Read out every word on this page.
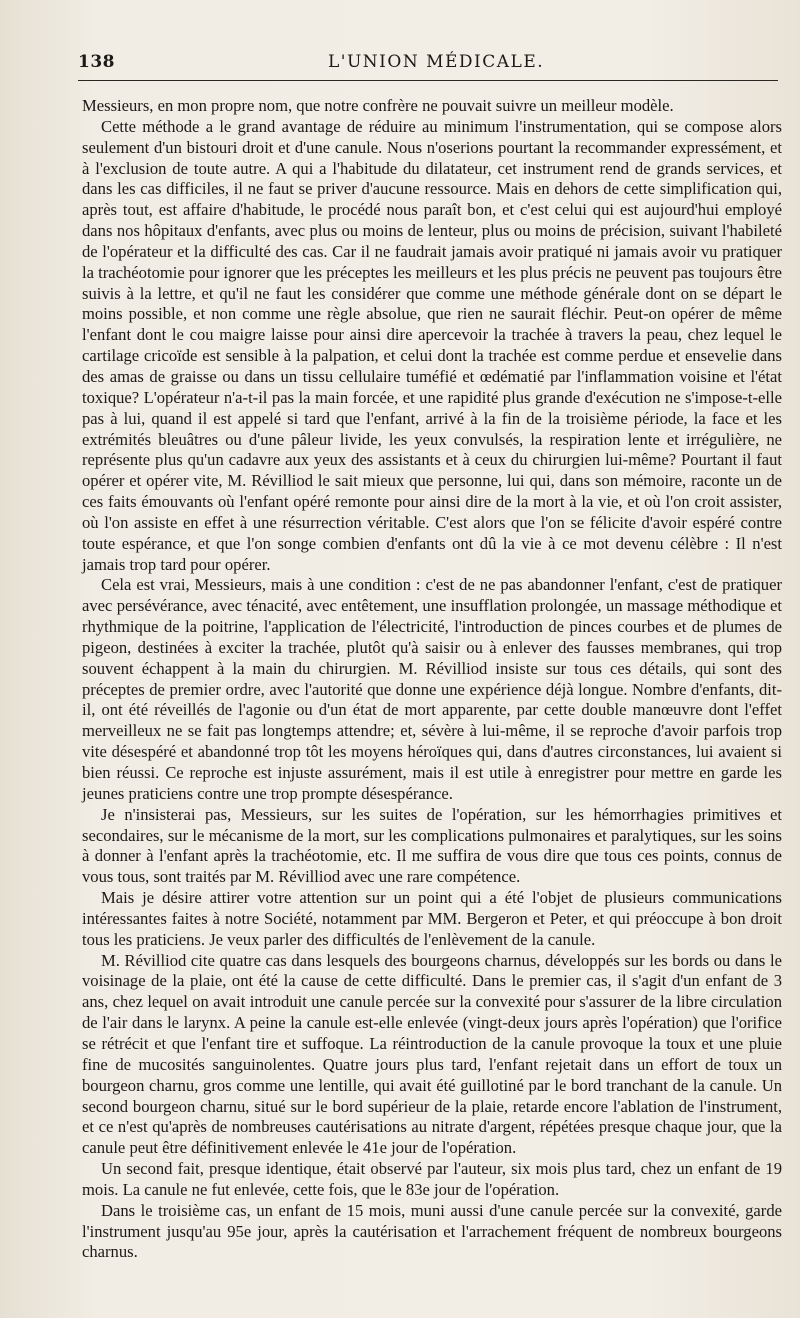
138	L'UNION MÉDICALE.

Messieurs, en mon propre nom, que notre confrère ne pouvait suivre un meilleur modèle.

Cette méthode a le grand avantage de réduire au minimum l'instrumentation, qui se compose alors seulement d'un bistouri droit et d'une canule. Nous n'oserions pourtant la recommander expressément, et à l'exclusion de toute autre. A qui a l'habitude du dilatateur, cet instrument rend de grands services, et dans les cas difficiles, il ne faut se priver d'aucune ressource. Mais en dehors de cette simplification qui, après tout, est affaire d'habitude, le procédé nous paraît bon, et c'est celui qui est aujourd'hui employé dans nos hôpitaux d'enfants, avec plus ou moins de lenteur, plus ou moins de précision, suivant l'habileté de l'opérateur et la difficulté des cas. Car il ne faudrait jamais avoir pratiqué ni jamais avoir vu pratiquer la trachéotomie pour ignorer que les préceptes les meilleurs et les plus précis ne peuvent pas toujours être suivis à la lettre, et qu'il ne faut les considérer que comme une méthode générale dont on se départ le moins possible, et non comme une règle absolue, que rien ne saurait fléchir. Peut-on opérer de même l'enfant dont le cou maigre laisse pour ainsi dire apercevoir la trachée à travers la peau, chez lequel le cartilage cricoïde est sensible à la palpation, et celui dont la trachée est comme perdue et ensevelie dans des amas de graisse ou dans un tissu cellulaire tuméfié et œdématié par l'inflammation voisine et l'état toxique? L'opérateur n'a-t-il pas la main forcée, et une rapidité plus grande d'exécution ne s'impose-t-elle pas à lui, quand il est appelé si tard que l'enfant, arrivé à la fin de la troisième période, la face et les extrémités bleuâtres ou d'une pâleur livide, les yeux convulsés, la respiration lente et irrégulière, ne représente plus qu'un cadavre aux yeux des assistants et à ceux du chirurgien lui-même? Pourtant il faut opérer et opérer vite, M. Révilliod le sait mieux que personne, lui qui, dans son mémoire, raconte un de ces faits émouvants où l'enfant opéré remonte pour ainsi dire de la mort à la vie, et où l'on croit assister, où l'on assiste en effet à une résurrection véritable. C'est alors que l'on se félicite d'avoir espéré contre toute espérance, et que l'on songe combien d'enfants ont dû la vie à ce mot devenu célèbre : Il n'est jamais trop tard pour opérer.

Cela est vrai, Messieurs, mais à une condition : c'est de ne pas abandonner l'enfant, c'est de pratiquer avec persévérance, avec ténacité, avec entêtement, une insufflation prolongée, un massage méthodique et rhythmique de la poitrine, l'application de l'électricité, l'introduction de pinces courbes et de plumes de pigeon, destinées à exciter la trachée, plutôt qu'à saisir ou à enlever des fausses membranes, qui trop souvent échappent à la main du chirurgien. M. Révilliod insiste sur tous ces détails, qui sont des préceptes de premier ordre, avec l'autorité que donne une expérience déjà longue. Nombre d'enfants, dit-il, ont été réveillés de l'agonie ou d'un état de mort apparente, par cette double manœuvre dont l'effet merveilleux ne se fait pas longtemps attendre; et, sévère à lui-même, il se reproche d'avoir parfois trop vite désespéré et abandonné trop tôt les moyens héroïques qui, dans d'autres circonstances, lui avaient si bien réussi. Ce reproche est injuste assurément, mais il est utile à enregistrer pour mettre en garde les jeunes praticiens contre une trop prompte désespérance.

Je n'insisterai pas, Messieurs, sur les suites de l'opération, sur les hémorrhagies primitives et secondaires, sur le mécanisme de la mort, sur les complications pulmonaires et paralytiques, sur les soins à donner à l'enfant après la trachéotomie, etc. Il me suffira de vous dire que tous ces points, connus de vous tous, sont traités par M. Révilliod avec une rare compétence.

Mais je désire attirer votre attention sur un point qui a été l'objet de plusieurs communications intéressantes faites à notre Société, notamment par MM. Bergeron et Peter, et qui préoccupe à bon droit tous les praticiens. Je veux parler des difficultés de l'enlèvement de la canule.

M. Révilliod cite quatre cas dans lesquels des bourgeons charnus, développés sur les bords ou dans le voisinage de la plaie, ont été la cause de cette difficulté. Dans le premier cas, il s'agit d'un enfant de 3 ans, chez lequel on avait introduit une canule percée sur la convexité pour s'assurer de la libre circulation de l'air dans le larynx. A peine la canule est-elle enlevée (vingt-deux jours après l'opération) que l'orifice se rétrécit et que l'enfant tire et suffoque. La réintroduction de la canule provoque la toux et une pluie fine de mucosités sanguinolentes. Quatre jours plus tard, l'enfant rejetait dans un effort de toux un bourgeon charnu, gros comme une lentille, qui avait été guillotiné par le bord tranchant de la canule. Un second bourgeon charnu, situé sur le bord supérieur de la plaie, retarde encore l'ablation de l'instrument, et ce n'est qu'après de nombreuses cautérisations au nitrate d'argent, répétées presque chaque jour, que la canule peut être définitivement enlevée le 41e jour de l'opération.

Un second fait, presque identique, était observé par l'auteur, six mois plus tard, chez un enfant de 19 mois. La canule ne fut enlevée, cette fois, que le 83e jour de l'opération.

Dans le troisième cas, un enfant de 15 mois, muni aussi d'une canule percée sur la convexité, garde l'instrument jusqu'au 95e jour, après la cautérisation et l'arrachement fréquent de nombreux bourgeons charnus.
